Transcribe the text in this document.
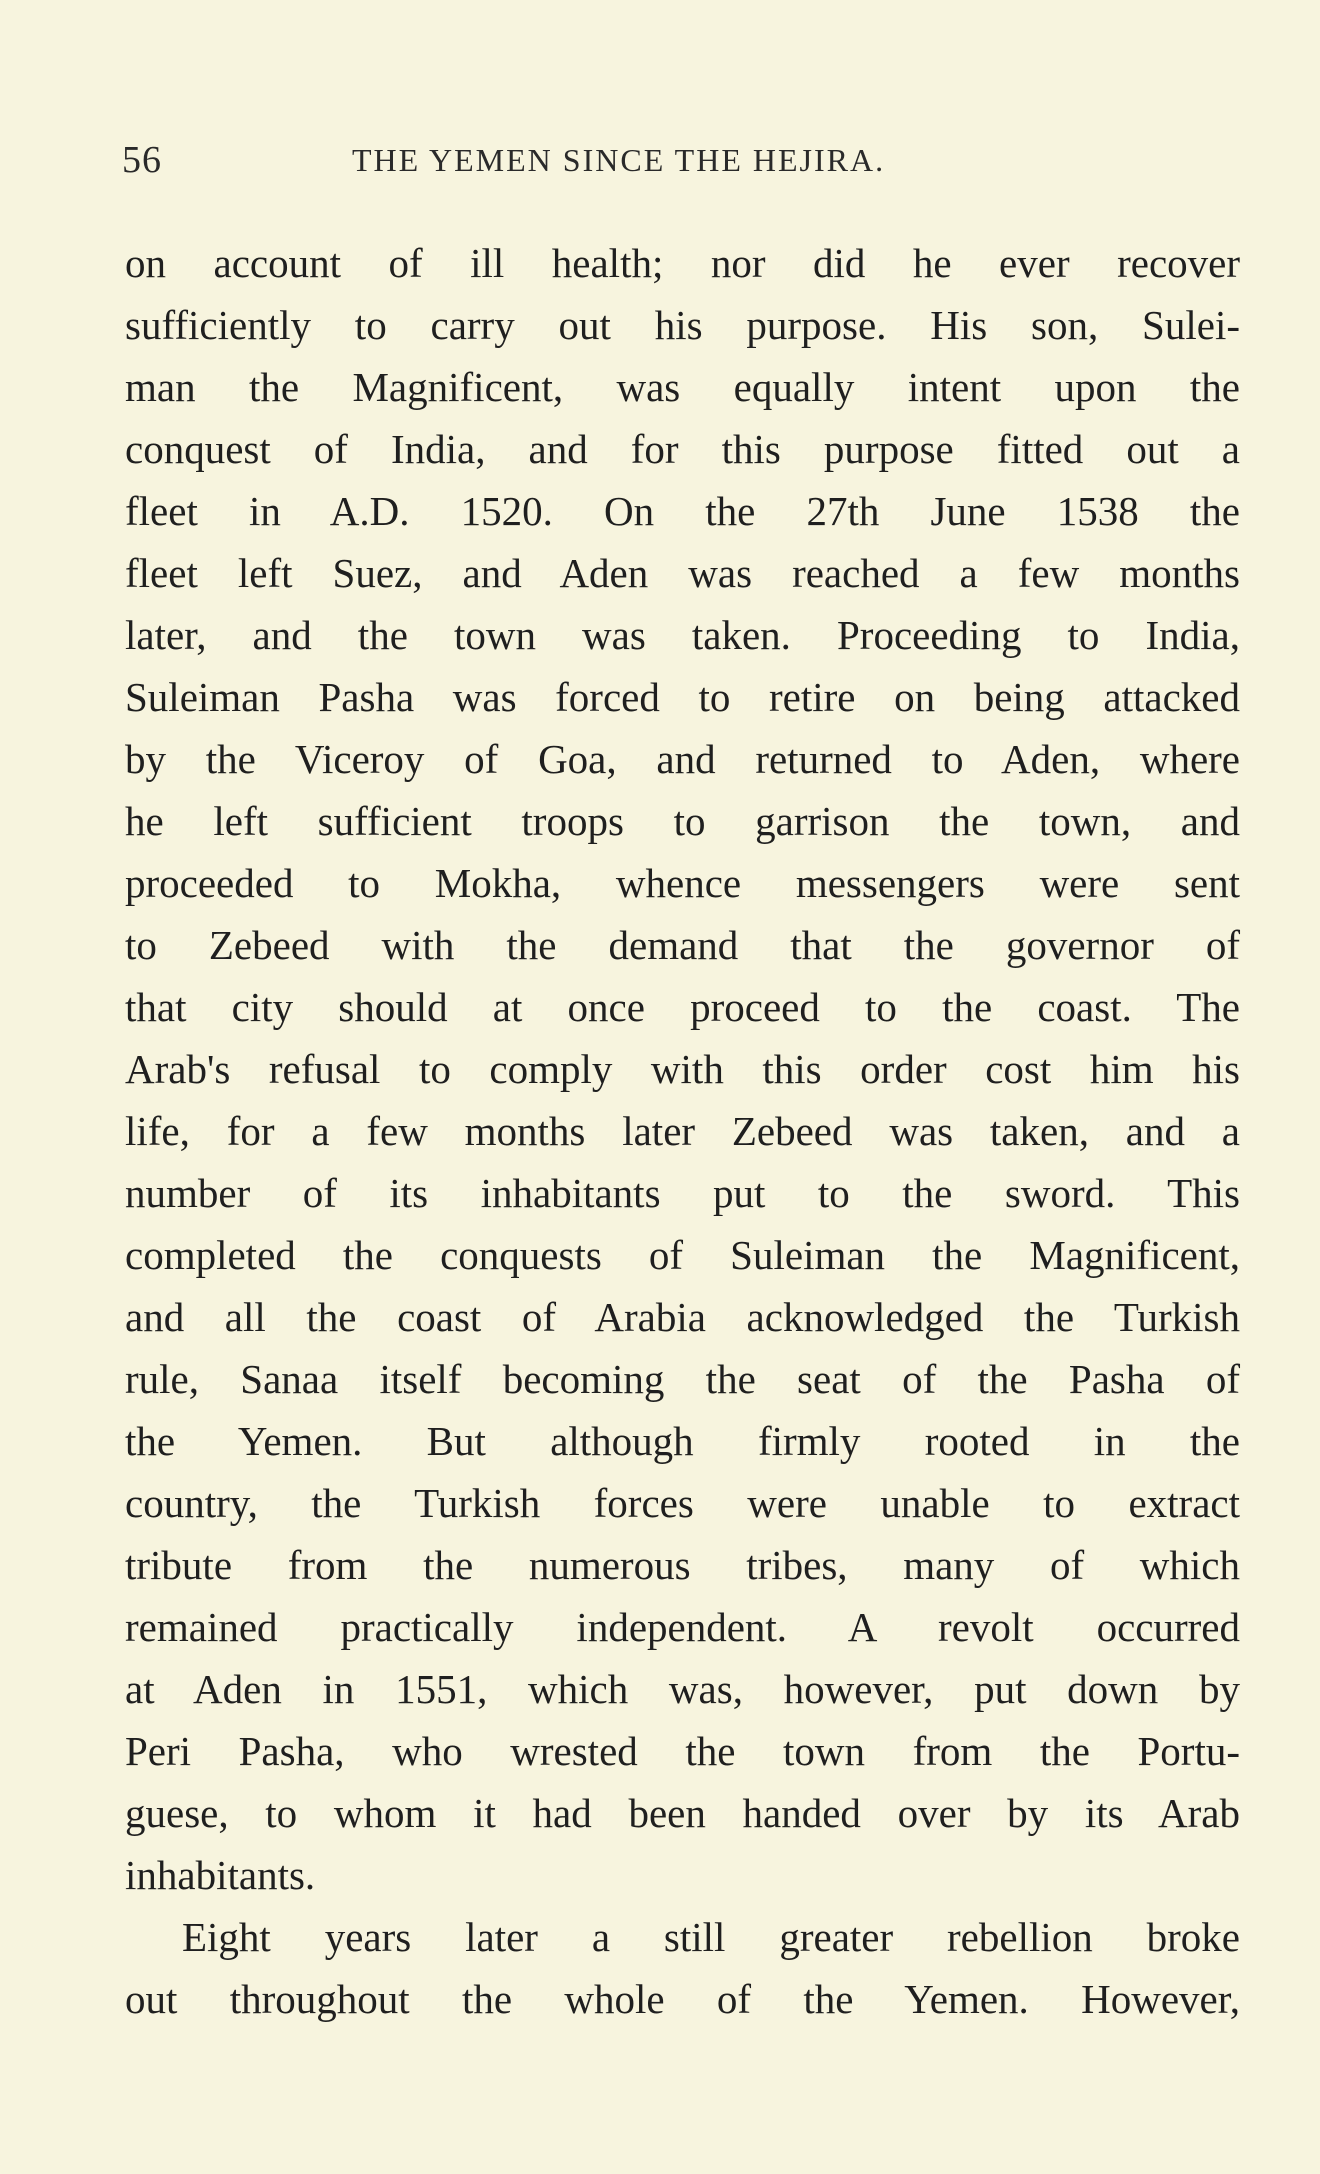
56	THE YEMEN SINCE THE HEJIRA.
on account of ill health; nor did he ever recover
sufficiently to carry out his purpose. His son, Sulei-
man the Magnificent, was equally intent upon the
conquest of India, and for this purpose fitted out a
fleet in A.D. 1520. On the 27th June 1538 the
fleet left Suez, and Aden was reached a few months
later, and the town was taken. Proceeding to India,
Suleiman Pasha was forced to retire on being attacked
by the Viceroy of Goa, and returned to Aden, where
he left sufficient troops to garrison the town, and
proceeded to Mokha, whence messengers were sent
to Zebeed with the demand that the governor of
that city should at once proceed to the coast. The
Arab's refusal to comply with this order cost him his
life, for a few months later Zebeed was taken, and a
number of its inhabitants put to the sword. This
completed the conquests of Suleiman the Magnificent,
and all the coast of Arabia acknowledged the Turkish
rule, Sanaa itself becoming the seat of the Pasha of
the Yemen. But although firmly rooted in the
country, the Turkish forces were unable to extract
tribute from the numerous tribes, many of which
remained practically independent. A revolt occurred
at Aden in 1551, which was, however, put down by
Peri Pasha, who wrested the town from the Portu-
guese, to whom it had been handed over by its Arab
inhabitants.
Eight years later a still greater rebellion broke
out throughout the whole of the Yemen. However,
